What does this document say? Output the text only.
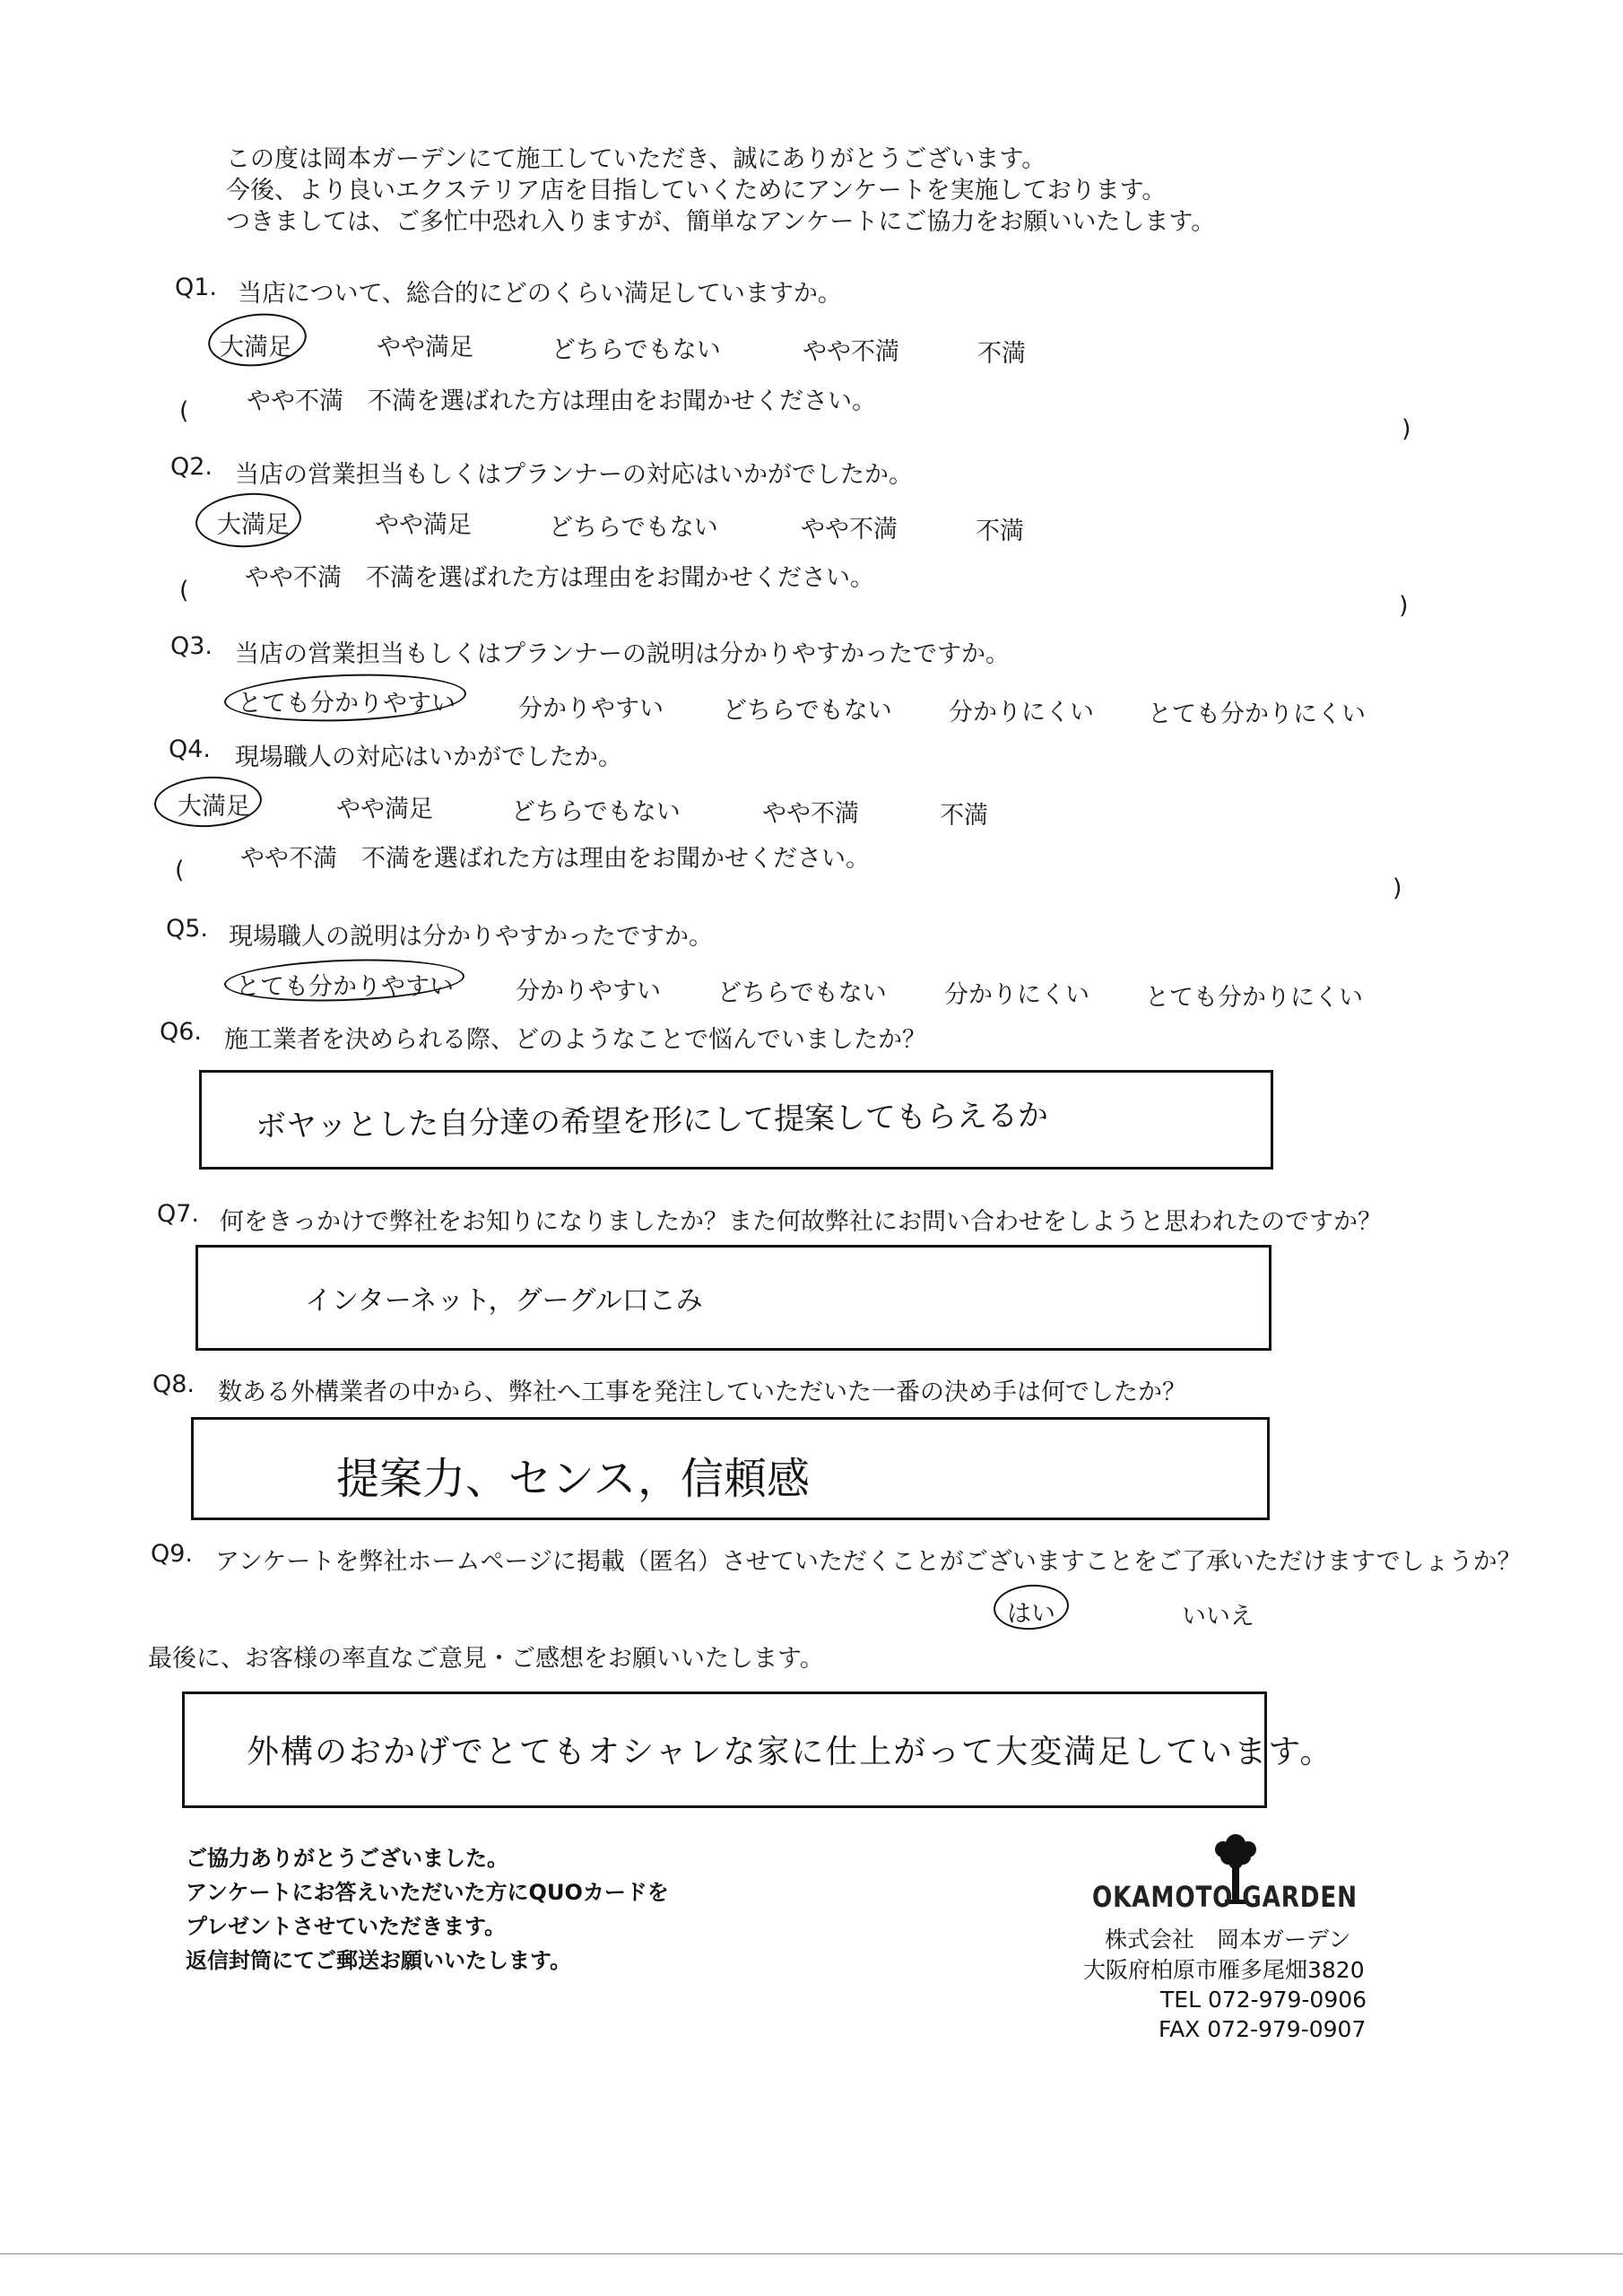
この度は岡本ガーデンにて施工していただき、誠にありがとうございます。
今後、より良いエクステリア店を目指していくためにアンケートを実施しております。
つきましては、ご多忙中恐れ入りますが、簡単なアンケートにご協力をお願いいたします。
Q1. 当店について、総合的にどのくらい満足していますか。
大満足	やや満足	どちらでもない	やや不満	不満
やや不満　不満を選ばれた方は理由をお聞かせください。
(
)
Q2. 当店の営業担当もしくはプランナーの対応はいかがでしたか。
大満足	やや満足	どちらでもない	やや不満	不満
やや不満　不満を選ばれた方は理由をお聞かせください。
(
)
Q3. 当店の営業担当もしくはプランナーの説明は分かりやすかったですか。
とても分かりやすい	分かりやすい どちらでもない 分かりにくい とても分かりにくい
Q4. 現場職人の対応はいかがでしたか。
大満足	やや満足	どちらでもない	やや不満	不満
やや不満　不満を選ばれた方は理由をお聞かせください。
(
)
Q5. 現場職人の説明は分かりやすかったですか。
とても分かりやすい	分かりやすい どちらでもない 分かりにくい とても分かりにくい
Q6. 施工業者を決められる際、どのようなことで悩んでいましたか？
ボヤッとした自分達の希望を形にして提案してもらえるか
Q7. 何をきっかけで弊社をお知りになりましたか？また何故弊社にお問い合わせをしようと思われたのですか？
インターネット，グーグル口こみ
Q8. 数ある外構業者の中から、弊社へ工事を発注していただいた一番の決め手は何でしたか？
提案力、センス，信頼感
Q9. アンケートを弊社ホームページに掲載（匿名）させていただくことがございますことをご了承いただけますでしょうか？
はい	いいえ
最後に、お客様の率直なご意見・ご感想をお願いいたします。
外構のおかげでとてもオシャレな家に仕上がって大変満足しています。
ご協力ありがとうございました。
アンケートにお答えいただいた方にQUOカードを
プレゼントさせていただきます。
返信封筒にてご郵送お願いいたします。
OKAMOTO GARDEN
株式会社　岡本ガーデン
大阪府柏原市雁多尾畑3820
TEL 072-979-0906
FAX 072-979-0907
